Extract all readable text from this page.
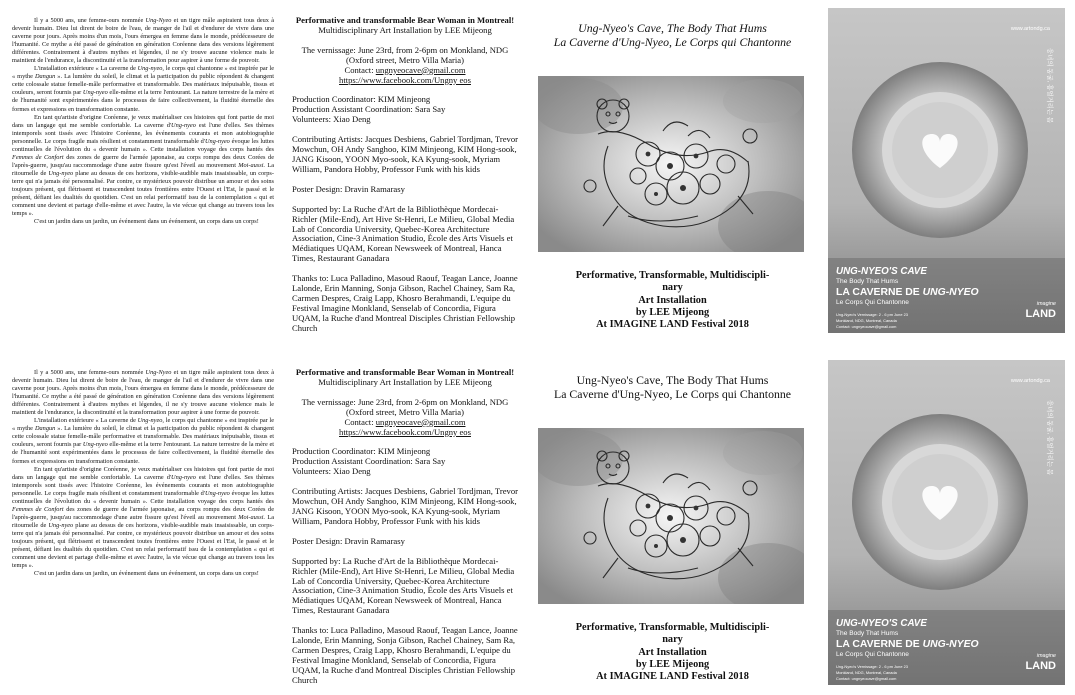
Il y a 5000 ans, une femme-ours nommée Ung-Nyeo et un tigre mâle aspiraient tous deux à devenir humain. Dieu lui dirent de boire de l'eau, de manger de l'ail et d'endurer de vivre dans une caverne pour jours. Après moins d'un mois, l'ours émergea en femme dans le monde, prédécesseure de l'humanité. Ce mythe a été passé de génération en génération Coréenne dans des versions légèrement différentes. Contrairement à d'autres mythes et légendes, il ne s'y trouve aucune violence mais le maintient de l'endurance, la discontinuité et la transformation pour aspirer à une forme de pouvoir.

L'installation extérieure « La caverne de Ung-nyeo, le corps qui chantonne » est inspirée par le « mythe Dangun ». La lumière du soleil, le climat et la participation du public répondent & changent cette colossale statue femelle-mâle performative et transformable. Des matériaux inépuisable, tissus et couleurs, seront fournis par Ung-nyeo elle-même et la terre l'entourant. La nature terrestre de la mère et de l'humanité sont expérimentées dans le processus de faire collectivement, la fluidité éternelle des formes et expressions en transformation constante.

En tant qu'artiste d'origine Coréenne, je veux matérialiser ces histoires qui font partie de moi dans un langage qui me semble confortable. La caverne d'Ung-nyeo est l'une d'elles. Ses thèmes intemporels sont tissés avec l'histoire Coréenne, les événements courants et mon autobiographie personnelle. Le corps fragile mais résilient et constamment transformable d'Ung-nyeo évoque les luttes continuelles de l'évolution du « devenir humain ». Cette installation voyage des corps hantés des Femmes de Confort des zones de guerre de l'armée japonaise, au corps rompu des deux Corées de l'après-guerre, jusqu'au raccommodage d'une autre fissure qu'est l'éveil au mouvement Moi-aussi. La ritournelle de Ung-nyeo plane au dessus de ces horizons, visible-audible mais insaisissable, un corps-terre qui n'a jamais été personnalisé. Par contre, ce mystérieux pouvoir distribue un amour et des soins toujours présent, qui flétrissent et transcendent toutes frontières entre l'Ouest et l'Est, le passé et le présent, défiant les dualités du quotidien. C'est un relai performatif issu de la contemplation « qui et comment une devient et partage d'elle-même et avec l'autre, la vie vécue qui change au travers tous les temps ».

C'est un jardin dans un jardin, un événement dans un événement, un corps dans un corps!

Performative and transformable Bear Woman in Montreal!
Multidisciplinary Art Installation by LEE Mijeong
The vernissage: June 23rd, from 2-6pm on Monkland, NDG
(Oxford street, Metro Villa Maria)
Contact: ungnyeocave@gmail.com
https://www.facebook.com/Ungny eos
Production Coordinator: KIM Minjeong
Production Assistant Coordination: Sara Say
Volunteers: Xiao Deng
Contributing Artists: Jacques Desbiens, Gabriel Tordjman, Trevor Mowchun, OH Andy Sanghoo, KIM Minjeong, KIM Hong-sook, JANG Kisoon, YOON Myo-sook, KA Kyung-sook, Myriam William, Pandora Hobby, Professor Funk with his kids
Poster Design: Dravin Ramarasy
Supported by: La Ruche d'Art de la Bibliothèque Mordecai-Richler (Mile-End), Art Hive St-Henri, Le Milieu, Global Media Lab of Concordia University, Quebec-Korea Architecture Association, Cine-3 Animation Studio, École des Arts Visuels et Médiatiques UQAM, Korean Newsweek of Montreal, Hanca Times, Restaurant Ganadara
Thanks to: Luca Palladino, Masoud Raouf, Teagan Lance, Joanne Lalonde, Erin Manning, Sonja Gibson, Rachel Chainey, Sam Ra, Carmen Despres, Craig Lapp, Khosro Berahmandi, L'equipe du Festival Imagine Monkland, Senselab of Concordia, Figura UQAM, la Ruche d'and Montreal Disciples Christian Fellowship Church
Ung-Nyeo's Cave, The Body That Hums
La Caverne d'Ung-Nyeo, Le Corps qui Chantonne
Performative, Transformable, Multidiscipli-
nary
Art Installation
by LEE Mijeong
At IMAGINE LAND Festival 2018
www.artondg.ca
웅녀의 동굴, 흥얼거리는 몸
UNG-NYEO'S CAVE
The Body That Hums
LA CAVERNE DE UNG-NYEO
Le Corps Qui Chantonne
Ung-Nyeo's Vernissage: 2 - 6 pm June 23
Monkland, NDG, Montreal, Canada
Contact: ungnyeocave@gmail.com
imagine
LAND

Il y a 5000 ans, une femme-ours nommée Ung-Nyeo et un tigre mâle aspiraient tous deux à devenir humain. Dieu lui dirent de boire de l'eau, de manger de l'ail et d'endurer de vivre dans une caverne pour jours. Après moins d'un mois, l'ours émergea en femme dans le monde, prédécesseure de l'humanité. Ce mythe a été passé de génération en génération Coréenne dans des versions légèrement différentes. Contrairement à d'autres mythes et légendes, il ne s'y trouve aucune violence mais le maintient de l'endurance, la discontinuité et la transformation pour aspirer à une forme de pouvoir.

L'installation extérieure « La caverne de Ung-nyeo, le corps qui chantonne » est inspirée par le « mythe Dangun ». La lumière du soleil, le climat et la participation du public répondent & changent cette colossale statue femelle-mâle performative et transformable. Des matériaux inépuisable, tissus et couleurs, seront fournis par Ung-nyeo elle-même et la terre l'entourant. La nature terrestre de la mère et de l'humanité sont expérimentées dans le processus de faire collectivement, la fluidité éternelle des formes et expressions en transformation constante.

En tant qu'artiste d'origine Coréenne, je veux matérialiser ces histoires qui font partie de moi dans un langage qui me semble confortable. La caverne d'Ung-nyeo est l'une d'elles. Ses thèmes intemporels sont tissés avec l'histoire Coréenne, les événements courants et mon autobiographie personnelle. Le corps fragile mais résilient et constamment transformable d'Ung-nyeo évoque les luttes continuelles de l'évolution du « devenir humain ». Cette installation voyage des corps hantés des Femmes de Confort des zones de guerre de l'armée japonaise, au corps rompu des deux Corées de l'après-guerre, jusqu'au raccommodage d'une autre fissure qu'est l'éveil au mouvement Moi-aussi. La ritournelle de Ung-nyeo plane au dessus de ces horizons, visible-audible mais insaisissable, un corps-terre qui n'a jamais été personnalisé. Par contre, ce mystérieux pouvoir distribue un amour et des soins toujours présent, qui flétrissent et transcendent toutes frontières entre l'Ouest et l'Est, le passé et le présent, défiant les dualités du quotidien. C'est un relai performatif issu de la contemplation « qui et comment une devient et partage d'elle-même et avec l'autre, la vie vécue qui change au travers tous les temps ».

C'est un jardin dans un jardin, un événement dans un événement, un corps dans un corps!

Performative and transformable Bear Woman in Montreal!
Multidisciplinary Art Installation by LEE Mijeong
The vernissage: June 23rd, from 2-6pm on Monkland, NDG
(Oxford street, Metro Villa Maria)
Contact: ungnyeocave@gmail.com
https://www.facebook.com/Ungny eos
Production Coordinator: KIM Minjeong
Production Assistant Coordination: Sara Say
Volunteers: Xiao Deng
Contributing Artists: Jacques Desbiens, Gabriel Tordjman, Trevor Mowchun, OH Andy Sanghoo, KIM Minjeong, KIM Hong-sook, JANG Kisoon, YOON Myo-sook, KA Kyung-sook, Myriam William, Pandora Hobby, Professor Funk with his kids
Poster Design: Dravin Ramarasy
Supported by: La Ruche d'Art de la Bibliothèque Mordecai-Richler (Mile-End), Art Hive St-Henri, Le Milieu, Global Media Lab of Concordia University, Quebec-Korea Architecture Association, Cine-3 Animation Studio, École des Arts Visuels et Médiatiques UQAM, Korean Newsweek of Montreal, Hanca Times, Restaurant Ganadara
Thanks to: Luca Palladino, Masoud Raouf, Teagan Lance, Joanne Lalonde, Erin Manning, Sonja Gibson, Rachel Chainey, Sam Ra, Carmen Despres, Craig Lapp, Khosro Berahmandi, L'equipe du Festival Imagine Monkland, Senselab of Concordia, Figura UQAM, la Ruche d'and Montreal Disciples Christian Fellowship Church
Ung-Nyeo's Cave, The Body That Hums
La Caverne d'Ung-Nyeo, Le Corps qui Chantonne
Performative, Transformable, Multidiscipli-
nary
Art Installation
by LEE Mijeong
At IMAGINE LAND Festival 2018
www.artondg.ca
웅녀의 동굴, 흥얼거리는 몸
UNG-NYEO'S CAVE
The Body That Hums
LA CAVERNE DE UNG-NYEO
Le Corps Qui Chantonne
Ung-Nyeo's Vernissage: 2 - 6 pm June 23
Monkland, NDG, Montreal, Canada
Contact: ungnyeocave@gmail.com
imagine
LAND
